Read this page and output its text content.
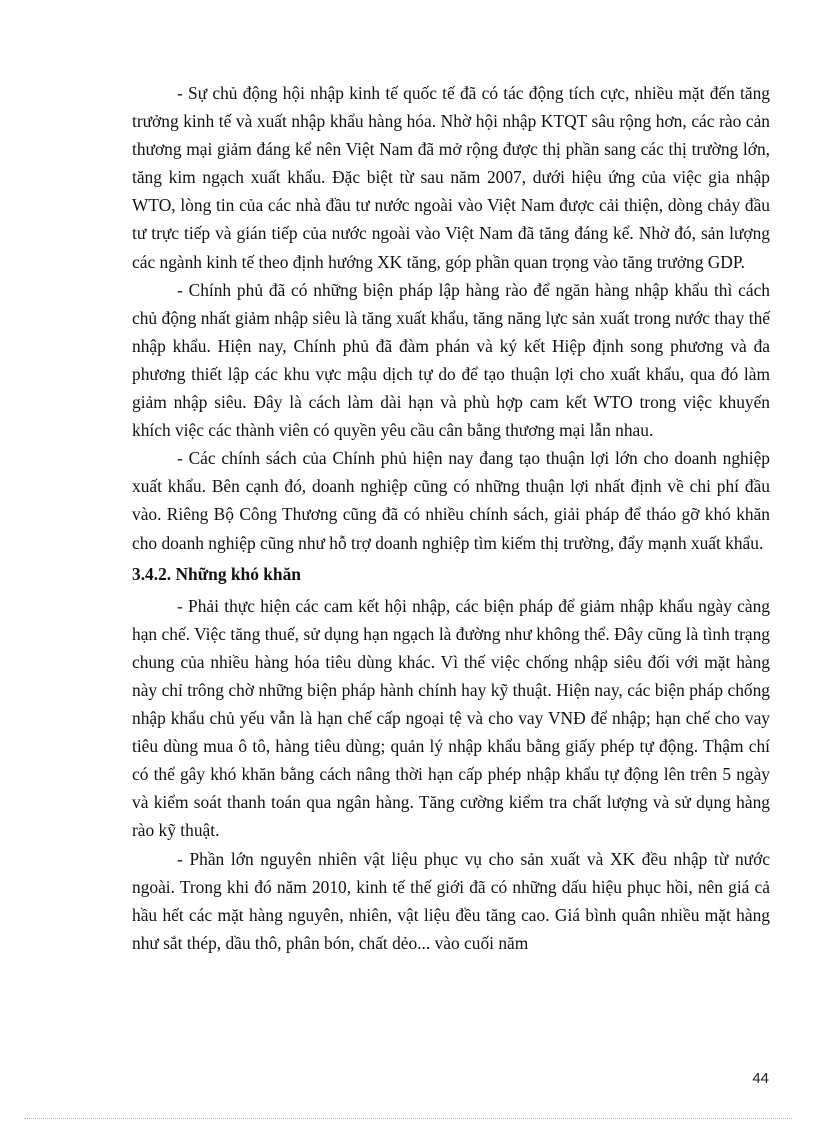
- Sự chủ động hội nhập kinh tế quốc tế đã có tác động tích cực, nhiều mặt đến tăng trưởng kinh tế và xuất nhập khẩu hàng hóa. Nhờ hội nhập KTQT sâu rộng hơn, các rào cản thương mại giảm đáng kể nên Việt Nam đã mở rộng được thị phần sang các thị trường lớn, tăng kim ngạch xuất khẩu. Đặc biệt từ sau năm 2007, dưới hiệu ứng của việc gia nhập WTO, lòng tin của các nhà đầu tư nước ngoài vào Việt Nam được cải thiện, dòng chảy đầu tư trực tiếp và gián tiếp của nước ngoài vào Việt Nam đã tăng đáng kể. Nhờ đó, sản lượng các ngành kinh tế theo định hướng XK tăng, góp phần quan trọng vào tăng trưởng GDP.

- Chính phủ đã có những biện pháp lập hàng rào để ngăn hàng nhập khẩu thì cách chủ động nhất giảm nhập siêu là tăng xuất khẩu, tăng năng lực sản xuất trong nước thay thế nhập khẩu. Hiện nay, Chính phủ đã đàm phán và ký kết Hiệp định song phương và đa phương thiết lập các khu vực mậu dịch tự do để tạo thuận lợi cho xuất khẩu, qua đó làm giảm nhập siêu. Đây là cách làm dài hạn và phù hợp cam kết WTO trong việc khuyến khích việc các thành viên có quyền yêu cầu cân bằng thương mại lẫn nhau.

- Các chính sách của Chính phủ hiện nay đang tạo thuận lợi lớn cho doanh nghiệp xuất khẩu. Bên cạnh đó, doanh nghiệp cũng có những thuận lợi nhất định về chi phí đầu vào. Riêng Bộ Công Thương cũng đã có nhiều chính sách, giải pháp để tháo gỡ khó khăn cho doanh nghiệp cũng như hỗ trợ doanh nghiệp tìm kiếm thị trường, đẩy mạnh xuất khẩu.

3.4.2. Những khó khăn

- Phải thực hiện các cam kết hội nhập, các biện pháp để giảm nhập khẩu ngày càng hạn chế. Việc tăng thuế, sử dụng hạn ngạch là đường như không thể. Đây cũng là tình trạng chung của nhiều hàng hóa tiêu dùng khác. Vì thế việc chống nhập siêu đối với mặt hàng này chỉ trông chờ những biện pháp hành chính hay kỹ thuật. Hiện nay, các biện pháp chống nhập khẩu chủ yếu vẫn là hạn chế cấp ngoại tệ và cho vay VNĐ để nhập; hạn chế cho vay tiêu dùng mua ô tô, hàng tiêu dùng; quản lý nhập khẩu bằng giấy phép tự động. Thậm chí có thể gây khó khăn bằng cách nâng thời hạn cấp phép nhập khẩu tự động lên trên 5 ngày và kiểm soát thanh toán qua ngân hàng. Tăng cường kiểm tra chất lượng và sử dụng hàng rào kỹ thuật.

- Phần lớn nguyên nhiên vật liệu phục vụ cho sản xuất và XK đều nhập từ nước ngoài. Trong khi đó năm 2010, kinh tế thế giới đã có những dấu hiệu phục hồi, nên giá cả hầu hết các mặt hàng nguyên, nhiên, vật liệu đều tăng cao. Giá bình quân nhiều mặt hàng như sắt thép, dầu thô, phân bón, chất dẻo... vào cuối năm

44
